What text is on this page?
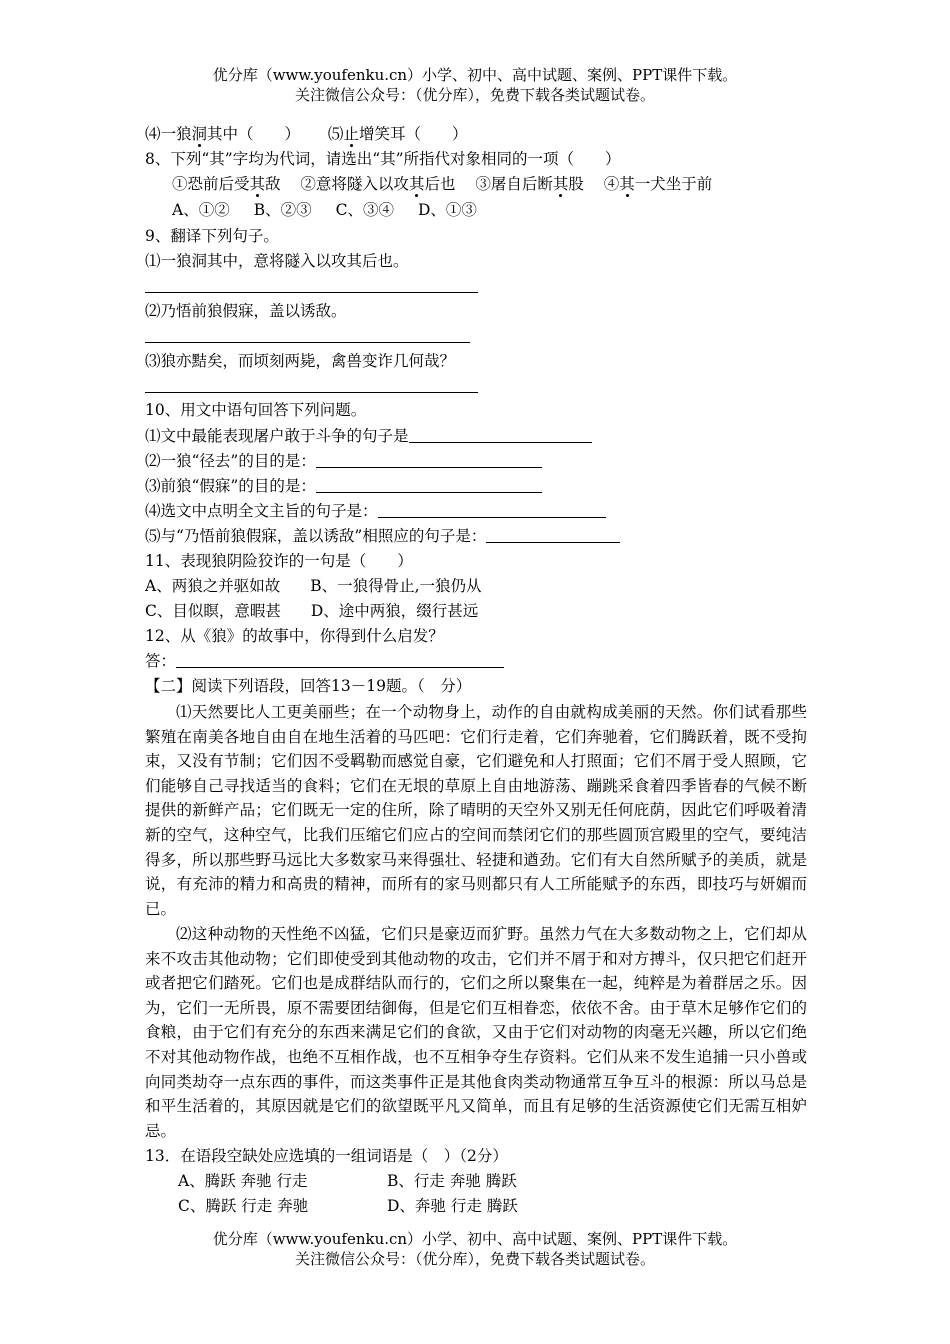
优分库（www.youfenku.cn）小学、初中、高中试题、案例、PPT课件下载。
关注微信公众号：（优分库），免费下载各类试题试卷。
⑷一狼洞其中（　　） ⑸止增笑耳（　　）
8、下列“其”字均为代词，请选出“其”所指代对象相同的一项（　　）
①恐前后受其敌 ②意将隧入以攻其后也 ③屠自后断其股 ④其一犬坐于前
A、①② B、②③ C、③④ D、①③
9、翻译下列句子。
⑴一狼洞其中，意将隧入以攻其后也。
⑵乃悟前狼假寐，盖以诱敌。
⑶狼亦黠矣，而顷刻两毙，禽兽变诈几何哉？
10、用文中语句回答下列问题。
⑴文中最能表现屠户敢于斗争的句子是
⑵一狼“径去”的目的是：
⑶前狼“假寐”的目的是：
⑷选文中点明全文主旨的句子是：
⑸与“乃悟前狼假寐，盖以诱敌”相照应的句子是：
11、表现狼阴险狡诈的一句是（　　）
A、两狼之并驱如故 B、一狼得骨止,一狼仍从
C、目似瞑，意暇甚 D、途中两狼，缀行甚远
12、从《狼》的故事中，你得到什么启发？
答：
【二】阅读下列语段，回答13－19题。（　分）
⑴天然要比人工更美丽些；在一个动物身上，动作的自由就构成美丽的天然。你们试看那些繁殖在南美各地自由自在地生活着的马匹吧：它们行走着，它们奔驰着，它们腾跃着，既不受拘束，又没有节制；它们因不受羁勒而感觉自豪，它们避免和人打照面；它们不屑于受人照顾，它们能够自己寻找适当的食料；它们在无垠的草原上自由地游荡、蹦跳采食着四季皆春的气候不断提供的新鲜产品；它们既无一定的住所，除了晴明的天空外又别无任何庇荫，因此它们呼吸着清新的空气，这种空气，比我们压缩它们应占的空间而禁闭它们的那些圆顶宫殿里的空气，要纯洁得多，所以那些野马远比大多数家马来得强壮、轻捷和遒劲。它们有大自然所赋予的美质，就是说，有充沛的精力和高贵的精神，而所有的家马则都只有人工所能赋予的东西，即技巧与妍媚而已。
⑵这种动物的天性绝不凶猛，它们只是豪迈而犷野。虽然力气在大多数动物之上，它们却从来不攻击其他动物；它们即使受到其他动物的攻击，它们并不屑于和对方搏斗，仅只把它们赶开或者把它们踏死。它们也是成群结队而行的，它们之所以聚集在一起，纯粹是为着群居之乐。因为，它们一无所畏，原不需要团结御侮，但是它们互相眷恋，依依不舍。由于草木足够作它们的食粮，由于它们有充分的东西来满足它们的食欲，又由于它们对动物的肉毫无兴趣，所以它们绝不对其他动物作战，也绝不互相作战，也不互相争夺生存资料。它们从来不发生追捕一只小兽或向同类劫夺一点东西的事件，而这类事件正是其他食肉类动物通常互争互斗的根源：所以马总是和平生活着的，其原因就是它们的欲望既平凡又简单，而且有足够的生活资源使它们无需互相妒忌。
13．在语段空缺处应选填的一组词语是（　）（2分）
A、腾跃 奔驰 行走	B、行走 奔驰 腾跃
C、腾跃 行走 奔驰	D、奔驰 行走 腾跃
优分库（www.youfenku.cn）小学、初中、高中试题、案例、PPT课件下载。
关注微信公众号：（优分库），免费下载各类试题试卷。
